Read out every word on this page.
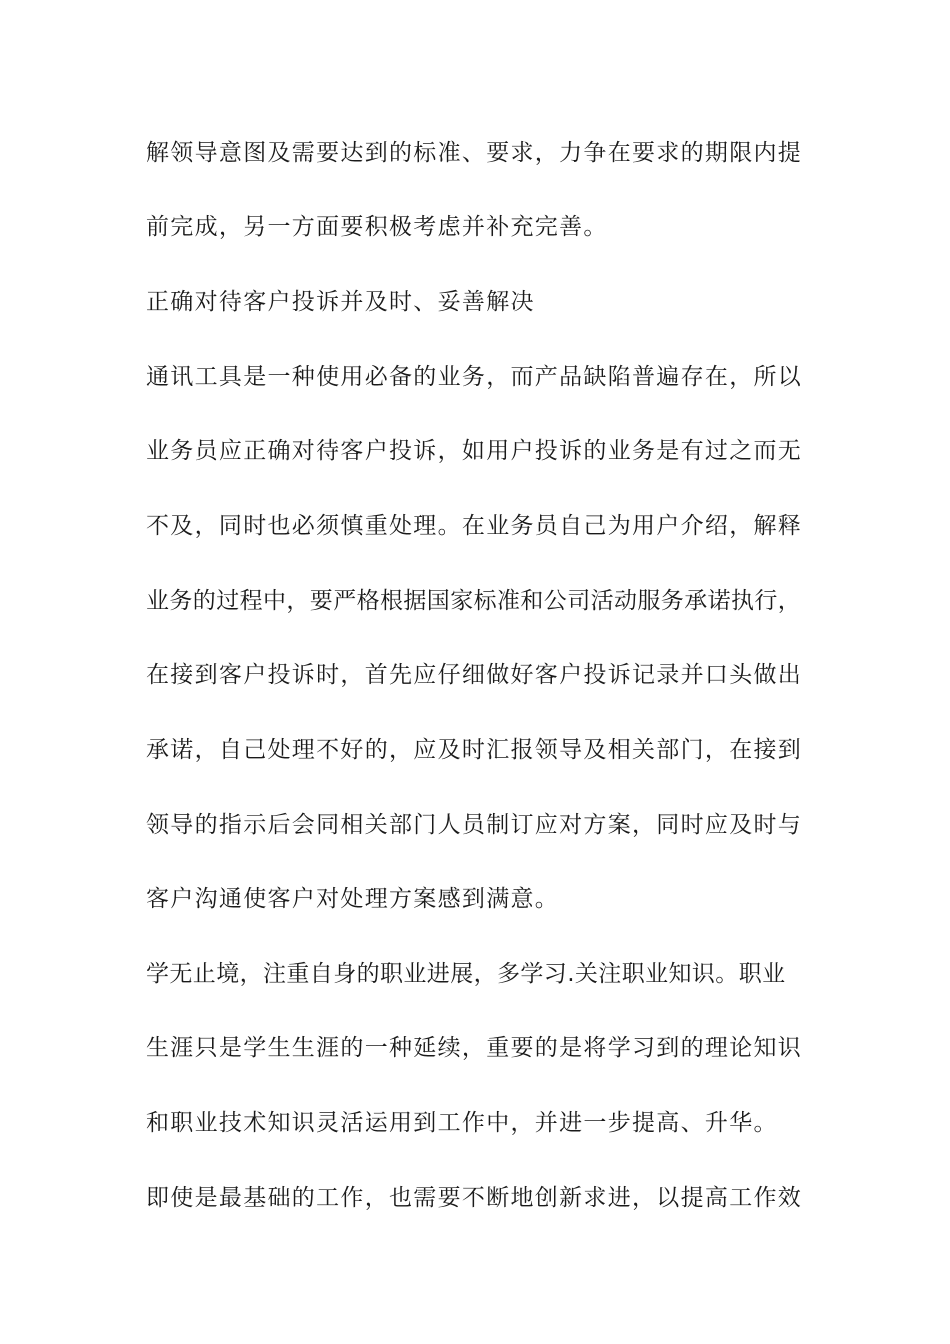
解领导意图及需要达到的标准、要求，力争在要求的期限内提
前完成，另一方面要积极考虑并补充完善。
正确对待客户投诉并及时、妥善解决
通讯工具是一种使用必备的业务，而产品缺陷普遍存在，所以
业务员应正确对待客户投诉，如用户投诉的业务是有过之而无
不及，同时也必须慎重处理。在业务员自己为用户介绍，解释
业务的过程中，要严格根据国家标准和公司活动服务承诺执行，
在接到客户投诉时，首先应仔细做好客户投诉记录并口头做出
承诺，自己处理不好的，应及时汇报领导及相关部门，在接到
领导的指示后会同相关部门人员制订应对方案，同时应及时与
客户沟通使客户对处理方案感到满意。
学无止境，注重自身的职业进展，多学习.关注职业知识。职业
生涯只是学生生涯的一种延续，重要的是将学习到的理论知识
和职业技术知识灵活运用到工作中，并进一步提高、升华。
即使是最基础的工作，也需要不断地创新求进，以提高工作效
